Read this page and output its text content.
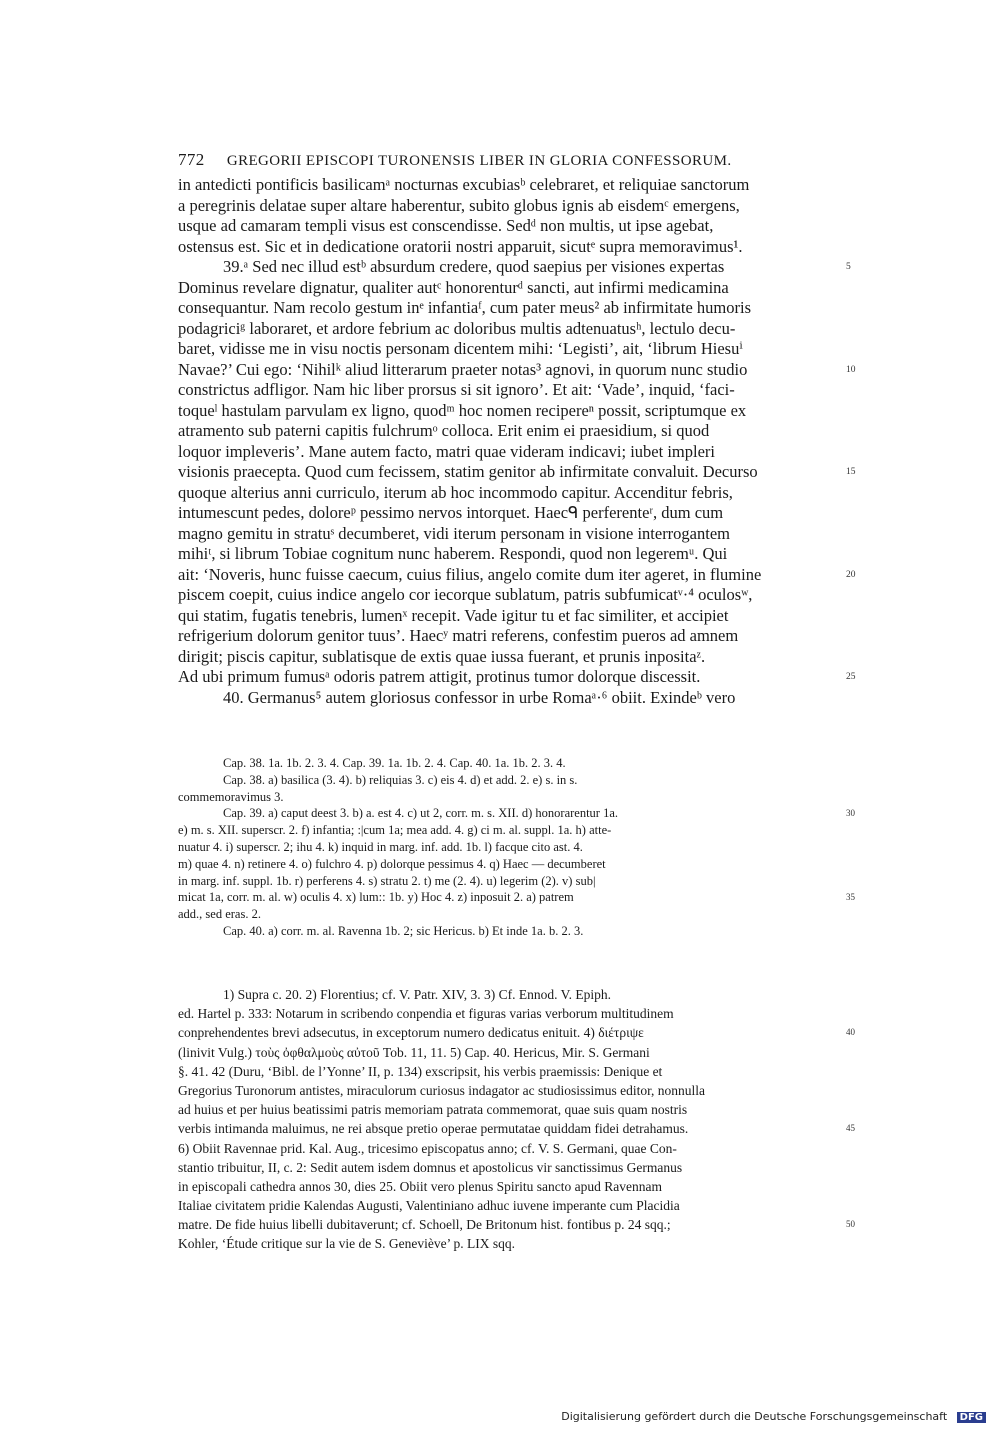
772 GREGORII EPISCOPI TURONENSIS LIBER IN GLORIA CONFESSORUM.
in antedicti pontificis basilicamᵃ nocturnas excubiasᵇ celebraret, et reliquiae sanctorum
a peregrinis delatae super altare haberentur, subito globus ignis ab eisdemᶜ emergens,
usque ad camaram templi visus est conscendisse. Sedᵈ non multis, ut ipse agebat,
ostensus est. Sic et in dedicatione oratorii nostri apparuit, sicutᵉ supra memoravimus¹.
39.ᵃ Sed nec illud estᵇ absurdum credere, quod saepius per visiones expertas	5
Dominus revelare dignatur, qualiter autᶜ honorenturᵈ sancti, aut infirmi medicamina
consequantur. Nam recolo gestum inᵉ infantiaᶠ, cum pater meus² ab infirmitate humoris
podagriciᵍ laboraret, et ardore febrium ac doloribus multis adtenuatusʰ, lectulo decu-
baret, vidisse me in visu noctis personam dicentem mihi: ‘Legisti’, ait, ‘librum Hiesuⁱ
Navae?’ Cui ego: ‘Nihilᵏ aliud litterarum praeter notas³ agnovi, in quorum nunc studio	10
constrictus adfligor. Nam hic liber prorsus si sit ignoro’. Et ait: ‘Vade’, inquid, ‘faci-
toqueˡ hastulam parvulam ex ligno, quodᵐ hoc nomen recipereⁿ possit, scriptumque ex
atramento sub paterni capitis fulchrumᵒ colloca. Erit enim ei praesidium, si quod
loquor impleveris’. Mane autem facto, matri quae videram indicavi; iubet impleri
visionis praecepta. Quod cum fecissem, statim genitor ab infirmitate convaluit. Decurso	15
quoque alterius anni curriculo, iterum ab hoc incommodo capitur. Accenditur febris,
intumescunt pedes, dolorеᵖ pessimo nervos intorquet. Haecᑫ perferenteʳ, dum cum
magno gemitu in stratuˢ decumberet, vidi iterum personam in visione interrogantem
mihiᵗ, si librum Tobiae cognitum nunc haberem. Respondi, quod non legeremᵘ. Qui
ait: ‘Noveris, hunc fuisse caecum, cuius filius, angelo comite dum iter ageret, in flumine	20
piscem coepit, cuius indice angelo cor iecorque sublatum, patris subfumicatᵛ·⁴ oculosʷ,
qui statim, fugatis tenebris, lumenˣ recepit. Vade igitur tu et fac similiter, et accipiet
refrigerium dolorum genitor tuus’. Haecʸ matri referens, confestim pueros ad amnem
dirigit; piscis capitur, sublatisque de extis quae iussa fuerant, et prunis inpositaᶻ.
Ad ubi primum fumusᵃ odoris patrem attigit, protinus tumor dolorque discessit.	25
40. Germanus⁵ autem gloriosus confessor in urbe Romaᵃ·⁶ obiit. Exindeᵇ vero
Cap. 38. 1a. 1b. 2. 3. 4. Cap. 39. 1a. 1b. 2. 4. Cap. 40. 1a. 1b. 2. 3. 4.
Cap. 38. a) basilica (3. 4). b) reliquias 3. c) eis 4. d) et add. 2. e) s. in s.
commemoravimus 3.
Cap. 39. a) caput deest 3. b) a. est 4. c) ut 2, corr. m. s. XII. d) honorarentur 1a.	30
e) m. s. XII. superscr. 2. f) infantia; :|cum 1a; mea add. 4. g) ci m. al. suppl. 1a. h) atte-
nuatur 4. i) superscr. 2; ihu 4. k) inquid in marg. inf. add. 1b. l) facque cito ast. 4.
m) quae 4. n) retinere 4. o) fulchro 4. p) dolorque pessimus 4. q) Haec — decumberet
in marg. inf. suppl. 1b. r) perferens 4. s) stratu 2. t) me (2. 4). u) legerim (2). v) sub|
micat 1a, corr. m. al. w) oculis 4. x) lum:: 1b. y) Hoc 4. z) inposuit 2. a) patrem	35
add., sed eras. 2.
Cap. 40. a) corr. m. al. Ravenna 1b. 2; sic Hericus. b) Et inde 1a. b. 2. 3.
1) Supra c. 20. 2) Florentius; cf. V. Patr. XIV, 3. 3) Cf. Ennod. V. Epiph.
ed. Hartel p. 333: Notarum in scribendo conpendia et figuras varias verborum multitudinem
conprehendentes brevi adsecutus, in exceptorum numero dedicatus enituit. 4) διέτριψε	40
(linivit Vulg.) τοὺς ὀφθαλμοὺς αὐτοῦ Tob. 11, 11. 5) Cap. 40. Hericus, Mir. S. Germani
§. 41. 42 (Duru, ‘Bibl. de l’Yonne’ II, p. 134) exscripsit, his verbis praemissis: Denique et
Gregorius Turonorum antistes, miraculorum curiosus indagator ac studiosissimus editor, nonnulla
ad huius et per huius beatissimi patris memoriam patrata commemorat, quae suis quam nostris
verbis intimanda maluimus, ne rei absque pretio operae permutatae quiddam fidei detrahamus.	45
6) Obiit Ravennae prid. Kal. Aug., tricesimo episcopatus anno; cf. V. S. Germani, quae Con-
stantio tribuitur, II, c. 2: Sedit autem isdem domnus et apostolicus vir sanctissimus Germanus
in episcopali cathedra annos 30, dies 25. Obiit vero plenus Spiritu sancto apud Ravennam
Italiae civitatem pridie Kalendas Augusti, Valentiniano adhuc iuvene imperante cum Placidia
matre. De fide huius libelli dubitaverunt; cf. Schoell, De Britonum hist. fontibus p. 24 sqq.;	50
Kohler, ‘Étude critique sur la vie de S. Geneviève’ p. LIX sqq.
Digitalisierung gefördert durch die Deutsche Forschungsgemeinschaft DFG
